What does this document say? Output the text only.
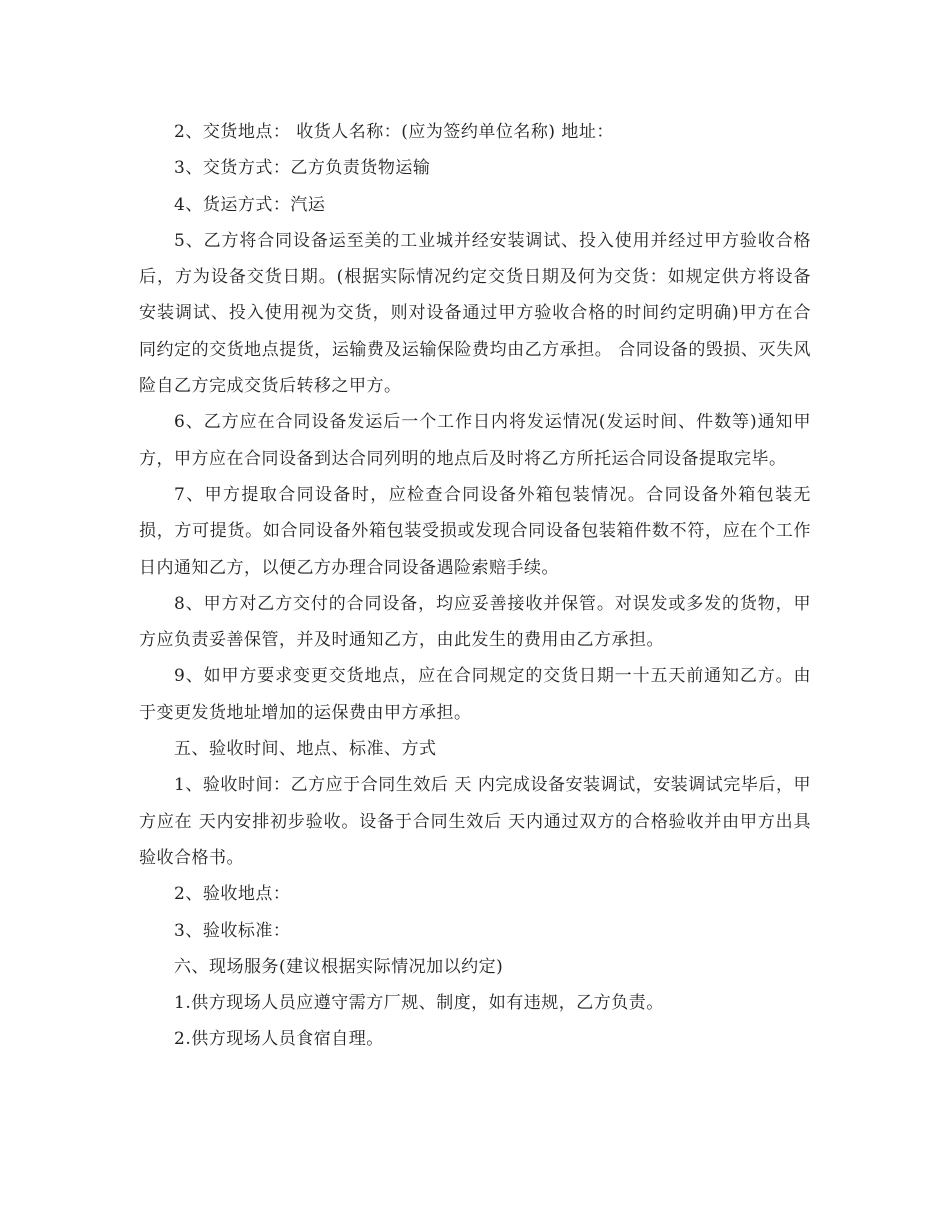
2、交货地点： 收货人名称：(应为签约单位名称) 地址：

3、交货方式：乙方负责货物运输

4、货运方式：汽运

5、乙方将合同设备运至美的工业城并经安装调试、投入使用并经过甲方验收合格后，方为设备交货日期。(根据实际情况约定交货日期及何为交货：如规定供方将设备安装调试、投入使用视为交货，则对设备通过甲方验收合格的时间约定明确)甲方在合同约定的交货地点提货，运输费及运输保险费均由乙方承担。 合同设备的毁损、灭失风险自乙方完成交货后转移之甲方。

6、乙方应在合同设备发运后一个工作日内将发运情况(发运时间、件数等)通知甲方，甲方应在合同设备到达合同列明的地点后及时将乙方所托运合同设备提取完毕。

7、甲方提取合同设备时，应检查合同设备外箱包装情况。合同设备外箱包装无损，方可提货。如合同设备外箱包装受损或发现合同设备包装箱件数不符，应在个工作日内通知乙方，以便乙方办理合同设备遇险索赔手续。

8、甲方对乙方交付的合同设备，均应妥善接收并保管。对误发或多发的货物，甲方应负责妥善保管，并及时通知乙方，由此发生的费用由乙方承担。

9、如甲方要求变更交货地点，应在合同规定的交货日期一十五天前通知乙方。由于变更发货地址增加的运保费由甲方承担。

五、验收时间、地点、标准、方式

1、验收时间：乙方应于合同生效后 天 内完成设备安装调试，安装调试完毕后，甲方应在 天内安排初步验收。设备于合同生效后 天内通过双方的合格验收并由甲方出具验收合格书。

2、验收地点：

3、验收标准：

六、现场服务(建议根据实际情况加以约定)

1.供方现场人员应遵守需方厂规、制度，如有违规，乙方负责。

2.供方现场人员食宿自理。
